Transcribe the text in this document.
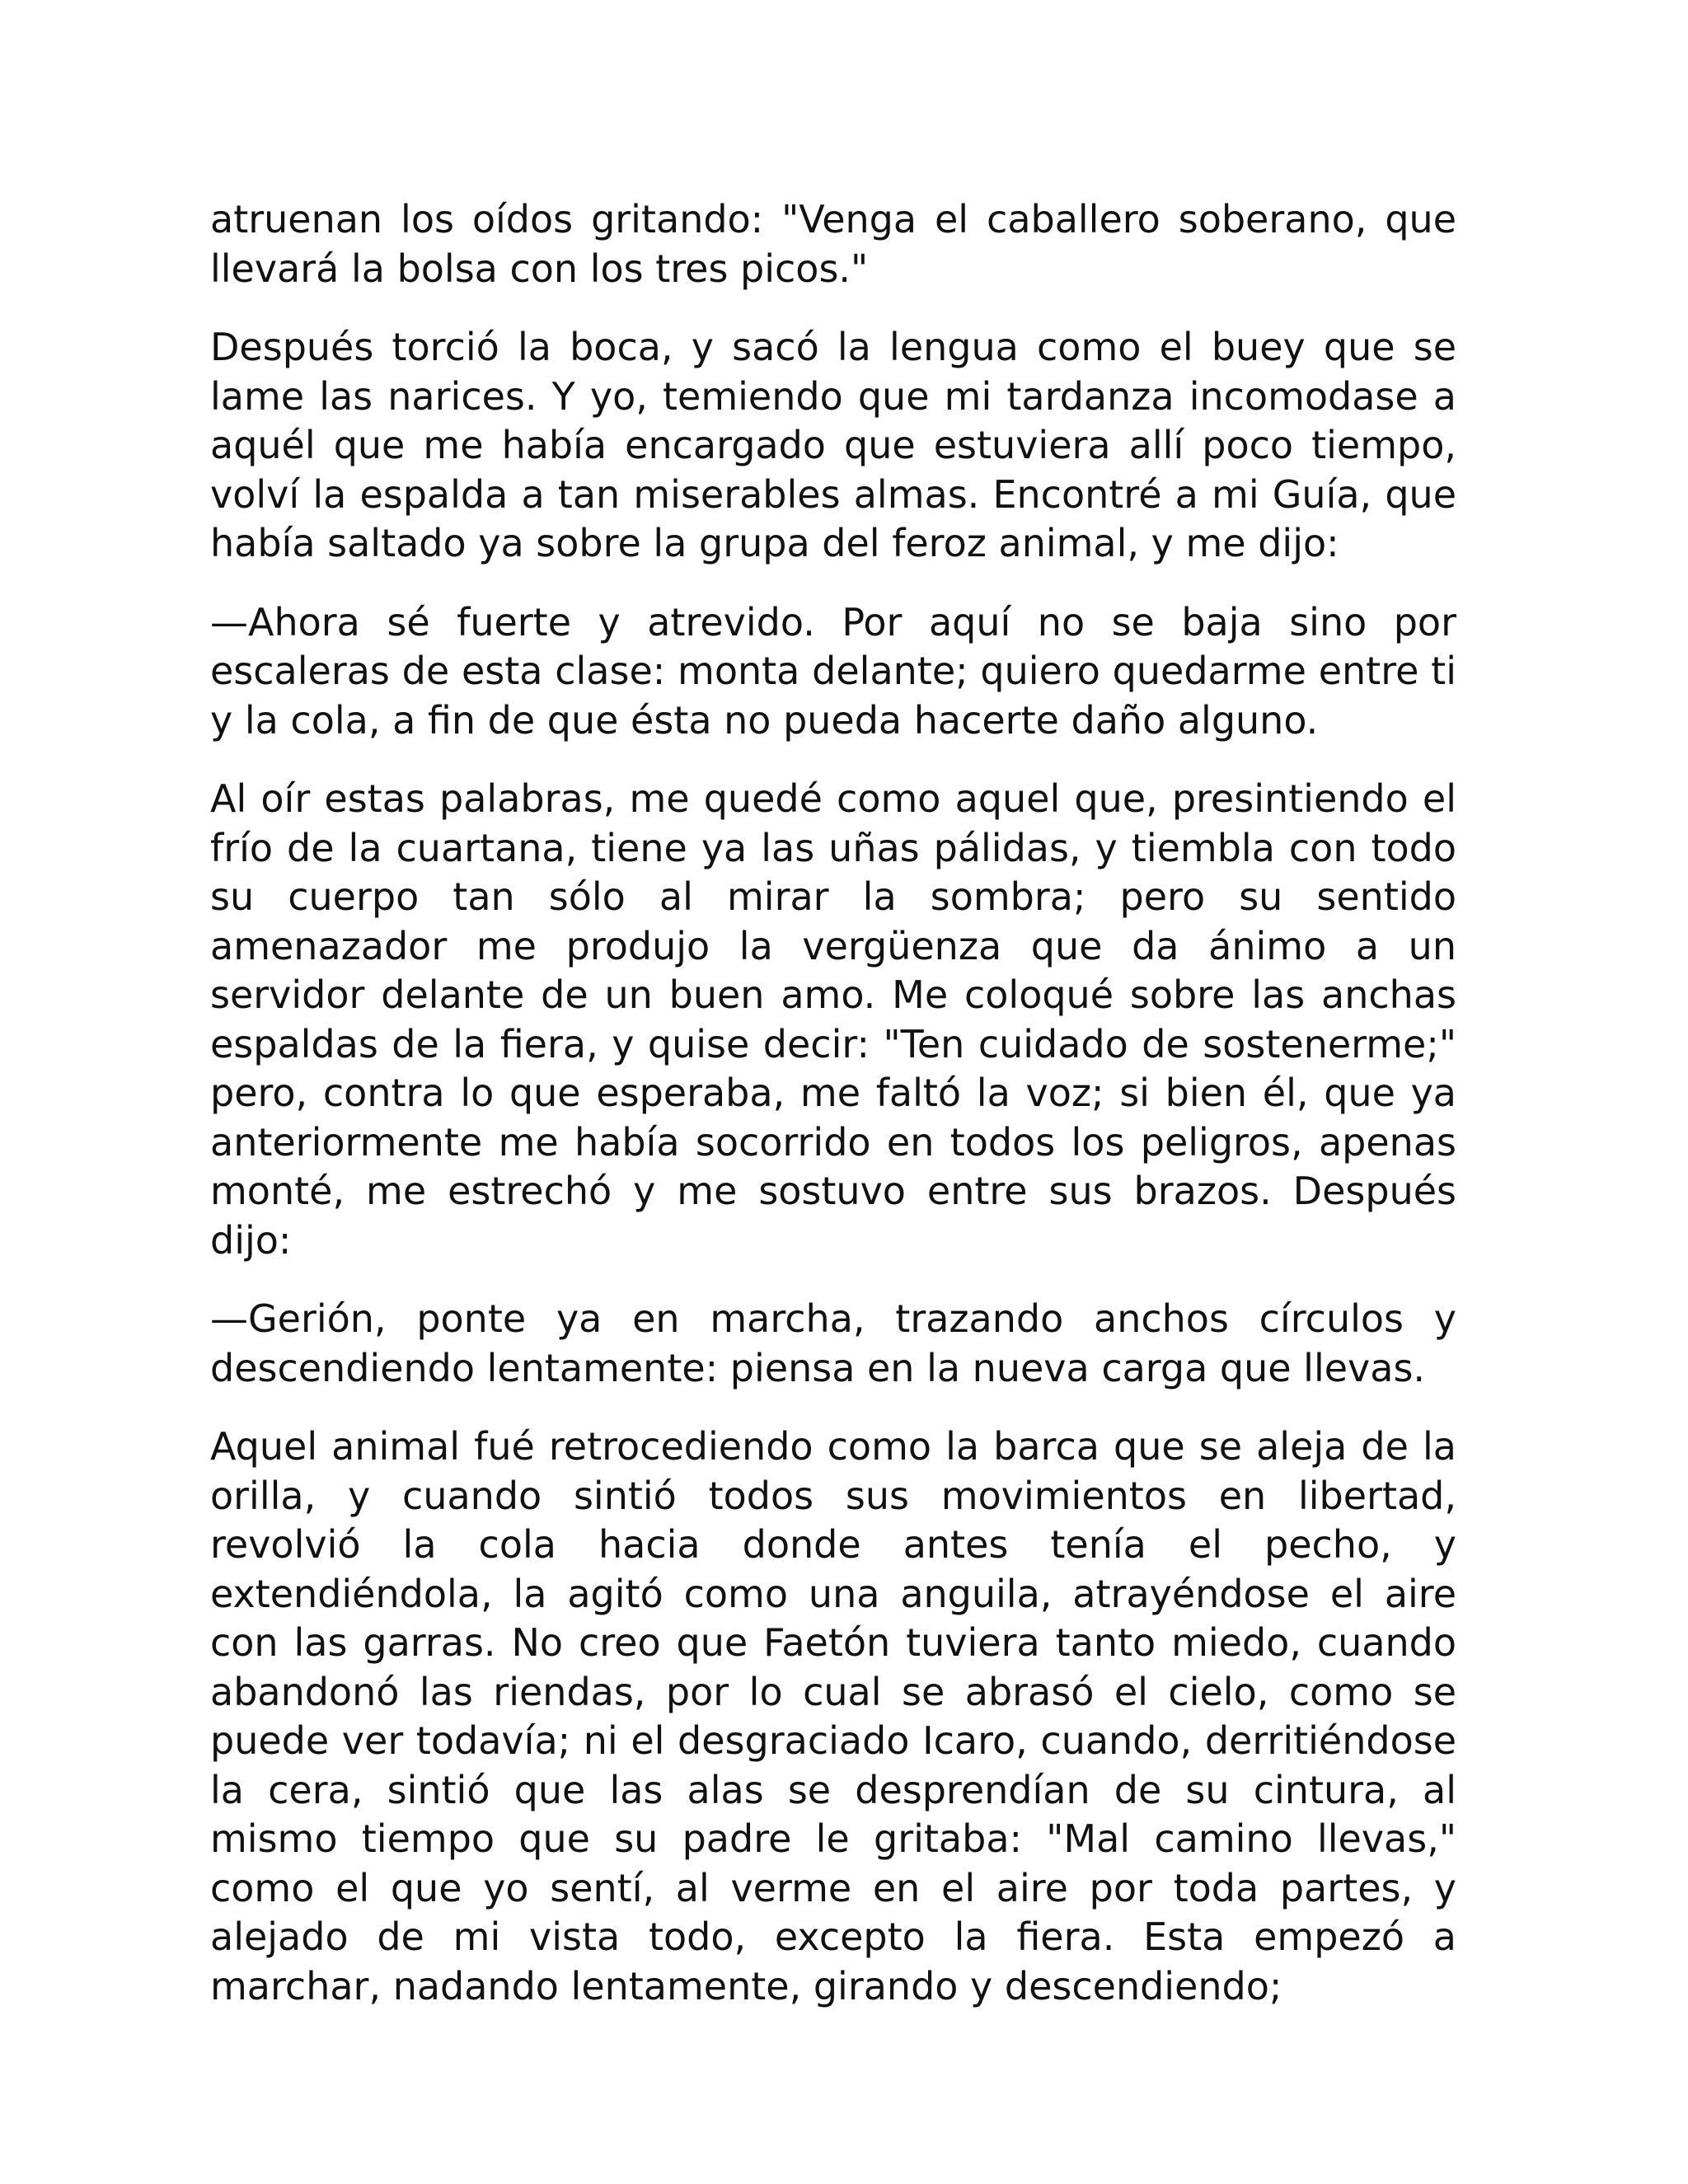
atruenan los oídos gritando: "Venga el caballero soberano, que llevará la bolsa con los tres picos."

Después torció la boca, y sacó la lengua como el buey que se lame las narices. Y yo, temiendo que mi tardanza incomodase a aquél que me había encargado que estuviera allí poco tiempo, volví la espalda a tan miserables almas. Encontré a mi Guía, que había saltado ya sobre la grupa del feroz animal, y me dijo:

—Ahora sé fuerte y atrevido. Por aquí no se baja sino por escaleras de esta clase: monta delante; quiero quedarme entre ti y la cola, a fin de que ésta no pueda hacerte daño alguno.

Al oír estas palabras, me quedé como aquel que, presintiendo el frío de la cuartana, tiene ya las uñas pálidas, y tiembla con todo su cuerpo tan sólo al mirar la sombra; pero su sentido amenazador me produjo la vergüenza que da ánimo a un servidor delante de un buen amo. Me coloqué sobre las anchas espaldas de la fiera, y quise decir: "Ten cuidado de sostenerme;" pero, contra lo que esperaba, me faltó la voz; si bien él, que ya anteriormente me había socorrido en todos los peligros, apenas monté, me estrechó y me sostuvo entre sus brazos. Después dijo:

—Gerión, ponte ya en marcha, trazando anchos círculos y descendiendo lentamente: piensa en la nueva carga que llevas.

Aquel animal fué retrocediendo como la barca que se aleja de la orilla, y cuando sintió todos sus movimientos en libertad, revolvió la cola hacia donde antes tenía el pecho, y extendiéndola, la agitó como una anguila, atrayéndose el aire con las garras. No creo que Faetón tuviera tanto miedo, cuando abandonó las riendas, por lo cual se abrasó el cielo, como se puede ver todavía; ni el desgraciado Icaro, cuando, derritiéndose la cera, sintió que las alas se desprendían de su cintura, al mismo tiempo que su padre le gritaba: "Mal camino llevas," como el que yo sentí, al verme en el aire por toda partes, y alejado de mi vista todo, excepto la fiera. Esta empezó a marchar, nadando lentamente, girando y descendiendo;
